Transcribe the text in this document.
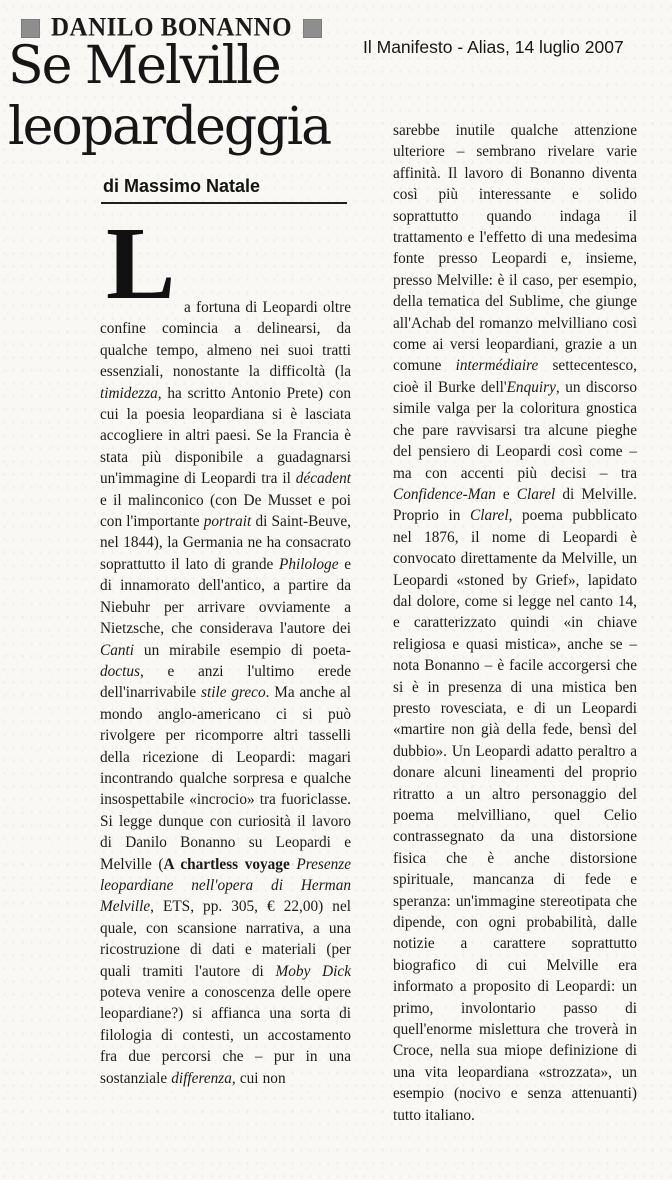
DANILO BONANNO
Il Manifesto - Alias, 14 luglio 2007
Se Melville
leopardeggia
di Massimo Natale
L a fortuna di Leopardi oltre confine comincia a delinearsi, da qualche tempo, almeno nei suoi tratti essenziali, nonostante la difficoltà (la timidezza, ha scritto Antonio Prete) con cui la poesia leopardiana si è lasciata accogliere in altri paesi. Se la Francia è stata più disponibile a guadagnarsi un'immagine di Leopardi tra il décadent e il malinconico (con De Musset e poi con l'importante portrait di Saint-Beuve, nel 1844), la Germania ne ha consacrato soprattutto il lato di grande Philologe e di innamorato dell'antico, a partire da Niebuhr per arrivare ovviamente a Nietzsche, che considerava l'autore dei Canti un mirabile esempio di poeta-doctus, e anzi l'ultimo erede dell'inarrivabile stile greco. Ma anche al mondo anglo-americano ci si può rivolgere per ricomporre altri tasselli della ricezione di Leopardi: magari incontrando qualche sorpresa e qualche insospettabile «incrocio» tra fuoriclasse. Si legge dunque con curiosità il lavoro di Danilo Bonanno su Leopardi e Melville (A chartless voyage Presenze leopardiane nell'opera di Herman Melville, ETS, pp. 305, € 22,00) nel quale, con scansione narrativa, a una ricostruzione di dati e materiali (per quali tramiti l'autore di Moby Dick poteva venire a conoscenza delle opere leopardiane?) si affianca una sorta di filologia di contesti, un accostamento fra due percorsi che – pur in una sostanziale differenza, cui non
sarebbe inutile qualche attenzione ulteriore – sembrano rivelare varie affinità. Il lavoro di Bonanno diventa così più interessante e solido soprattutto quando indaga il trattamento e l'effetto di una medesima fonte presso Leopardi e, insieme, presso Melville: è il caso, per esempio, della tematica del Sublime, che giunge all'Achab del romanzo melvilliano così come ai versi leopardiani, grazie a un comune intermédiaire settecentesco, cioè il Burke dell'Enquiry, un discorso simile valga per la coloritura gnostica che pare ravvisarsi tra alcune pieghe del pensiero di Leopardi così come – ma con accenti più decisi – tra Confidence-Man e Clarel di Melville. Proprio in Clarel, poema pubblicato nel 1876, il nome di Leopardi è convocato direttamente da Melville, un Leopardi «stoned by Grief», lapidato dal dolore, come si legge nel canto 14, e caratterizzato quindi «in chiave religiosa e quasi mistica», anche se – nota Bonanno – è facile accorgersi che si è in presenza di una mistica ben presto rovesciata, e di un Leopardi «martire non già della fede, bensì del dubbio». Un Leopardi adatto peraltro a donare alcuni lineamenti del proprio ritratto a un altro personaggio del poema melvilliano, quel Celio contrassegnato da una distorsione fisica che è anche distorsione spirituale, mancanza di fede e speranza: un'immagine stereotipata che dipende, con ogni probabilità, dalle notizie a carattere soprattutto biografico di cui Melville era informato a proposito di Leopardi: un primo, involontario passo di quell'enorme mislettura che troverà in Croce, nella sua miope definizione di una vita leopardiana «strozzata», un esempio (nocivo e senza attenuanti) tutto italiano.
